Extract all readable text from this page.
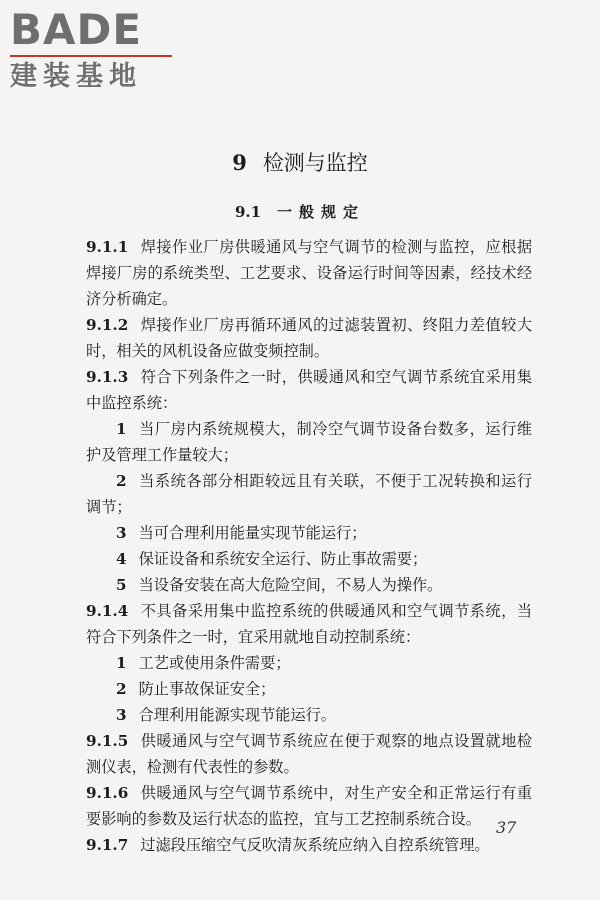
BADE
建装基地
9 检测与监控
9.1 一般规定

9.1.1 焊接作业厂房供暖通风与空气调节的检测与监控，应根据焊接厂房的系统类型、工艺要求、设备运行时间等因素，经技术经济分析确定。

9.1.2 焊接作业厂房再循环通风的过滤装置初、终阻力差值较大时，相关的风机设备应做变频控制。

9.1.3 符合下列条件之一时，供暖通风和空气调节系统宜采用集中监控系统：

1 当厂房内系统规模大，制冷空气调节设备台数多，运行维护及管理工作量较大；

2 当系统各部分相距较远且有关联，不便于工况转换和运行调节；

3 当可合理利用能量实现节能运行；

4 保证设备和系统安全运行、防止事故需要；

5 当设备安装在高大危险空间，不易人为操作。

9.1.4 不具备采用集中监控系统的供暖通风和空气调节系统，当符合下列条件之一时，宜采用就地自动控制系统：

1 工艺或使用条件需要；

2 防止事故保证安全；

3 合理利用能源实现节能运行。

9.1.5 供暖通风与空气调节系统应在便于观察的地点设置就地检测仪表，检测有代表性的参数。

9.1.6 供暖通风与空气调节系统中，对生产安全和正常运行有重要影响的参数及运行状态的监控，宜与工艺控制系统合设。

9.1.7 过滤段压缩空气反吹清灰系统应纳入自控系统管理。

37
